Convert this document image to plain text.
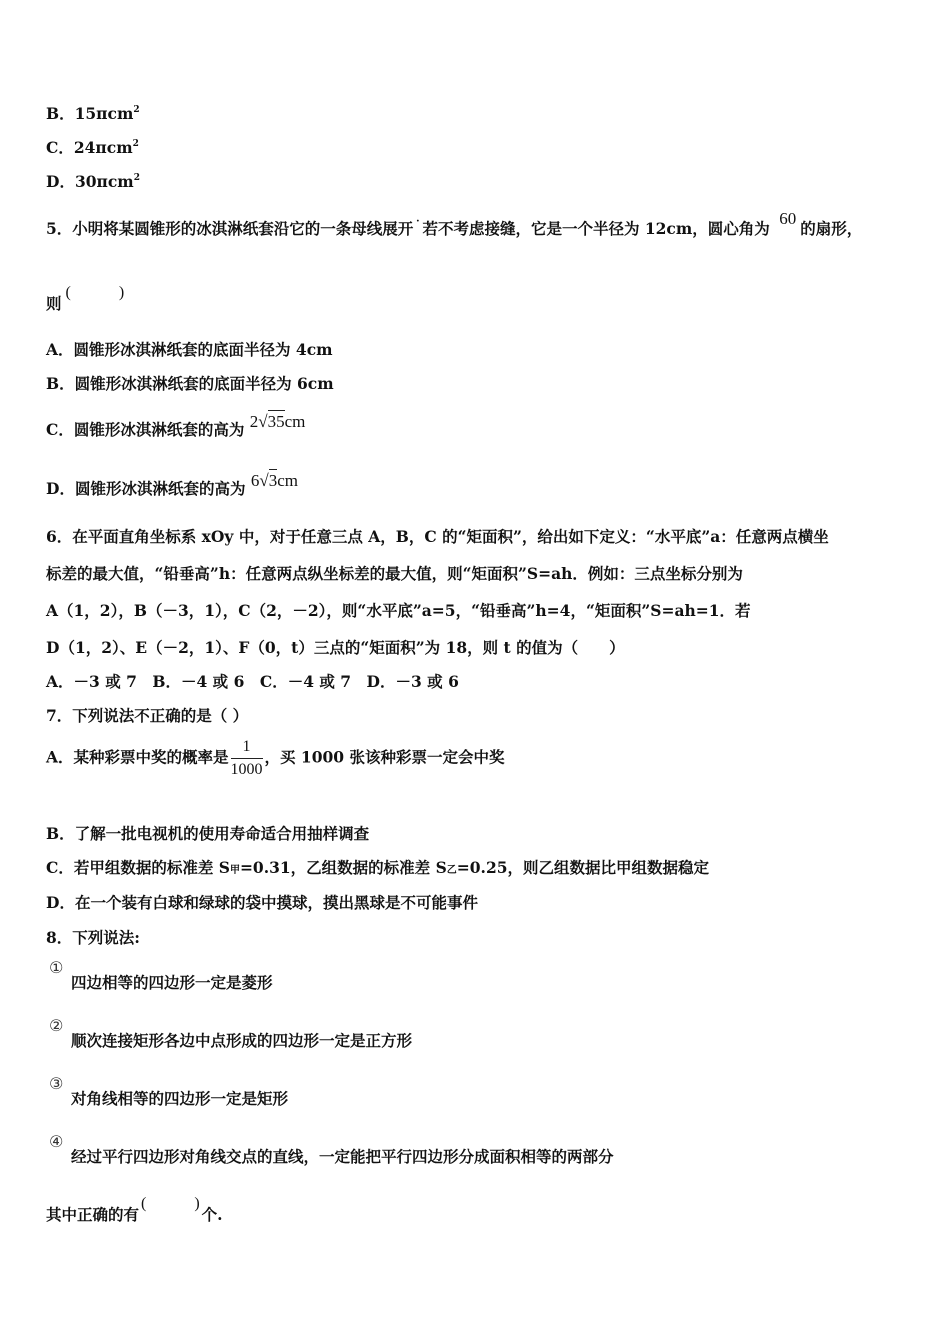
B．15πcm$^2$
C．24πcm$^2$
D．30πcm$^2$
5．小明将某圆锥形的冰淇淋纸套沿它的一条母线展开 · 若不考虑接缝，它是一个半径为 12cm，圆心角为 60的扇形，
则(   )
A．圆锥形冰淇淋纸套的底面半径为 4cm
B．圆锥形冰淇淋纸套的底面半径为 6cm
C．圆锥形冰淇淋纸套的高为 2√35cm
D．圆锥形冰淇淋纸套的高为 6√3cm
6．在平面直角坐标系 xOy 中，对于任意三点 A，B，C 的“矩面积”，给出如下定义：“水平底”a：任意两点横坐
标差的最大值，“铅垂高”h：任意两点纵坐标差的最大值，则“矩面积”S=ah．例如：三点坐标分别为
A（1，2），B（－3，1），C（2，－2），则“水平底”a=5，“铅垂高”h=4，“矩面积”S=ah=1．若
D（1，2）、E（－2，1）、F（0，t）三点的“矩面积”为 18，则 t 的值为（　　）
A．－3 或 7　B．－4 或 6　C．－4 或 7　D．－3 或 6
7．下列说法不正确的是（ ）
A．某种彩票中奖的概率是 $\frac{1}{1000}$ ，买 1000 张该种彩票一定会中奖
B．了解一批电视机的使用寿命适合用抽样调查
C．若甲组数据的标准差 S甲=0.31，乙组数据的标准差 S乙=0.25，则乙组数据比甲组数据稳定
D．在一个装有白球和绿球的袋中摸球，摸出黑球是不可能事件
8．下列说法:
①
四边相等的四边形一定是菱形
②
顺次连接矩形各边中点形成的四边形一定是正方形
③
对角线相等的四边形一定是矩形
④
经过平行四边形对角线交点的直线，一定能把平行四边形分成面积相等的两部分
其中正确的有(   )个.
